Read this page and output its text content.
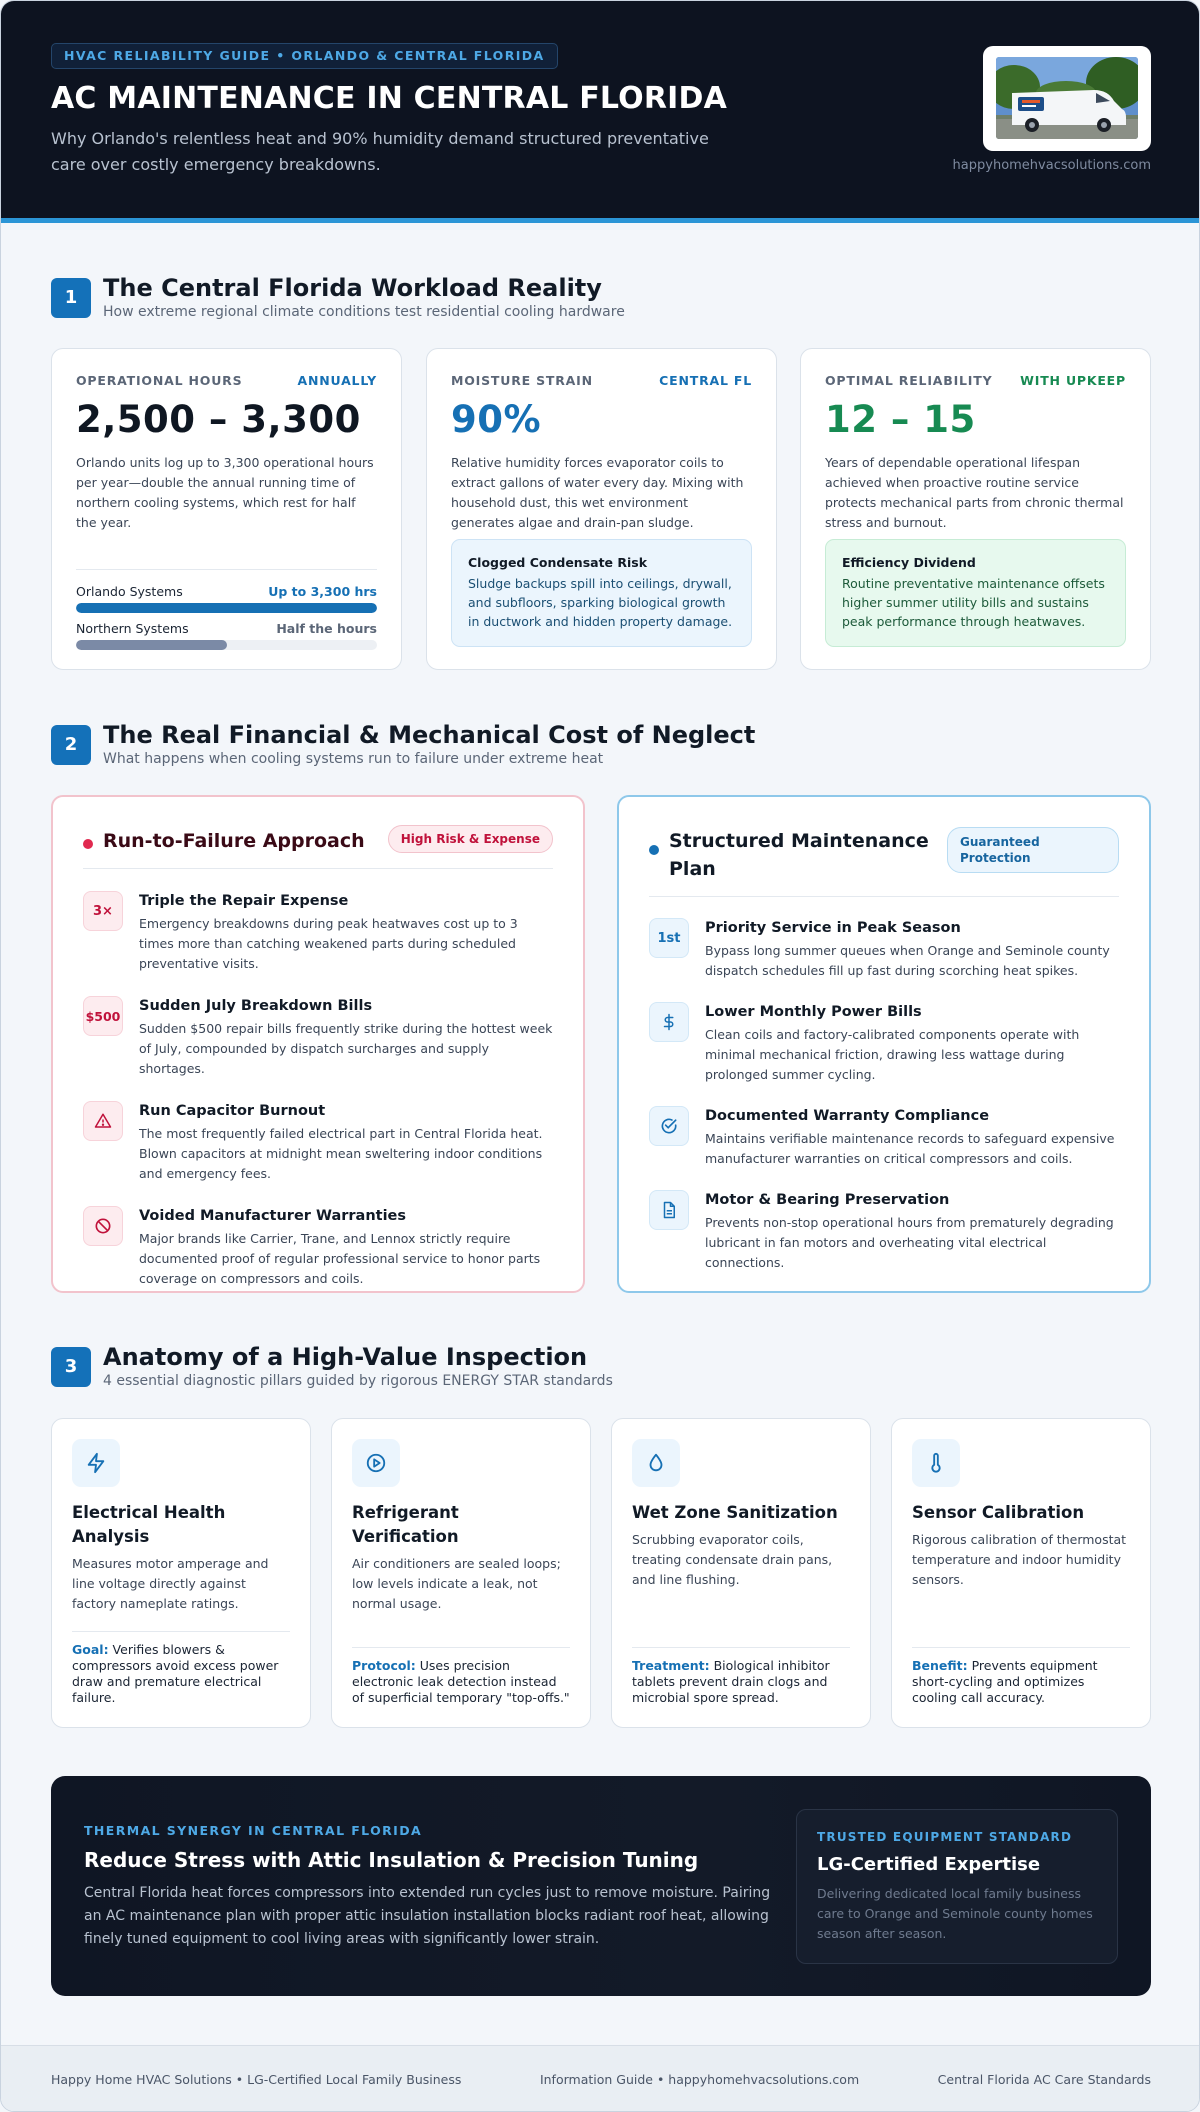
HVAC RELIABILITY GUIDE • ORLANDO & CENTRAL FLORIDA
AC MAINTENANCE IN CENTRAL FLORIDA
Why Orlando's relentless heat and 90% humidity demand structured preventative care over costly emergency breakdowns.	happyhomehvacsolutions.com
1	The Central Florida Workload Reality
How extreme regional climate conditions test residential cooling hardware
OPERATIONAL HOURS	ANNUALLY
2,500 – 3,300
Orlando units log up to 3,300 operational hours per year—double the annual running time of northern cooling systems, which rest for half the year.
Orlando Systems	Up to 3,300 hrs
Northern Systems	Half the hours
MOISTURE STRAIN	CENTRAL FL
90%
Relative humidity forces evaporator coils to extract gallons of water every day. Mixing with household dust, this wet environment generates algae and drain-pan sludge.
Clogged Condensate Risk
Sludge backups spill into ceilings, drywall, and subfloors, sparking biological growth in ductwork and hidden property damage.
OPTIMAL RELIABILITY WITH UPKEEP
12 – 15
Years of dependable operational lifespan achieved when proactive routine service protects mechanical parts from chronic thermal stress and burnout.
Efficiency Dividend
Routine preventative maintenance offsets higher summer utility bills and sustains peak performance through heatwaves.
2	The Real Financial & Mechanical Cost of Neglect
What happens when cooling systems run to failure under extreme heat
Run-to-Failure Approach	High Risk & Expense
3×
Triple the Repair Expense
Emergency breakdowns during peak heatwaves cost up to 3 times more than catching weakened parts during scheduled preventative visits.
$500
Sudden July Breakdown Bills
Sudden $500 repair bills frequently strike during the hottest week of July, compounded by dispatch surcharges and supply shortages.
Run Capacitor Burnout
The most frequently failed electrical part in Central Florida heat. Blown capacitors at midnight mean sweltering indoor conditions and emergency fees.
Voided Manufacturer Warranties
Major brands like Carrier, Trane, and Lennox strictly require documented proof of regular professional service to honor parts coverage on compressors and coils.
Structured Maintenance Plan
Guaranteed Protection
1st
Priority Service in Peak Season
Bypass long summer queues when Orange and Seminole county dispatch schedules fill up fast during scorching heat spikes.
Lower Monthly Power Bills
Clean coils and factory-calibrated components operate with minimal mechanical friction, drawing less wattage during prolonged summer cycling.
Documented Warranty Compliance
Maintains verifiable maintenance records to safeguard expensive manufacturer warranties on critical compressors and coils.
Motor & Bearing Preservation
Prevents non-stop operational hours from prematurely degrading lubricant in fan motors and overheating vital electrical connections.
3	Anatomy of a High-Value Inspection
4 essential diagnostic pillars guided by rigorous ENERGY STAR standards
Electrical Health Analysis
Measures motor amperage and line voltage directly against factory nameplate ratings.
Goal: Verifies blowers & compressors avoid excess power draw and premature electrical failure.
Refrigerant Verification
Air conditioners are sealed loops; low levels indicate a leak, not normal usage.
Protocol: Uses precision electronic leak detection instead of superficial temporary "top-offs."
Wet Zone Sanitization
Scrubbing evaporator coils, treating condensate drain pans, and line flushing.
Treatment: Biological inhibitor tablets prevent drain clogs and microbial spore spread.
Sensor Calibration
Rigorous calibration of thermostat temperature and indoor humidity sensors.
Benefit: Prevents equipment short-cycling and optimizes cooling call accuracy.
THERMAL SYNERGY IN CENTRAL FLORIDA
Reduce Stress with Attic Insulation & Precision Tuning
Central Florida heat forces compressors into extended run cycles just to remove moisture. Pairing an AC maintenance plan with proper attic insulation installation blocks radiant roof heat, allowing finely tuned equipment to cool living areas with significantly lower strain.
TRUSTED EQUIPMENT STANDARD
LG-Certified Expertise
Delivering dedicated local family business care to Orange and Seminole county homes season after season.
Happy Home HVAC Solutions • LG-Certified Local Family Business	Information Guide • happyhomehvacsolutions.com	Central Florida AC Care Standards
